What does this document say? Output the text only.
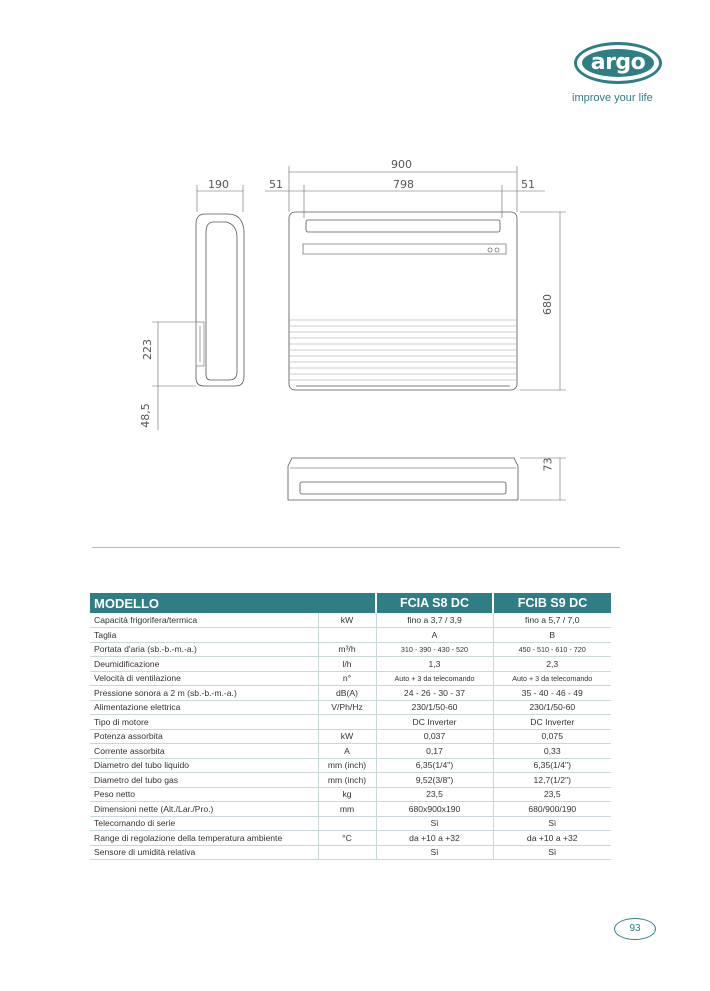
argo
improve your life
900
190	51	798	51
680
223
48,5
73
MODELLO		FCIA S8 DC	FCIB S9 DC
Capacità frigorifera/termica	kW	fino a 3,7 / 3,9	fino a 5,7 / 7,0
Taglia		A	B
Portata d'aria (sb.-b.-m.-a.)	m³/h	310 - 390 - 430 - 520	450 - 510 - 610 - 720
Deumidificazione	l/h	1,3	2,3
Velocità di ventilazione	n°	Auto + 3 da telecomando	Auto + 3 da telecomando
Pressione sonora a 2 m (sb.-b.-m.-a.)	dB(A)	24 - 26 - 30 - 37	35 - 40 - 46 - 49
Alimentazione elettrica	V/Ph/Hz	230/1/50-60	230/1/50-60
Tipo di motore		DC Inverter	DC Inverter
Potenza assorbita	kW	0,037	0,075
Corrente assorbita	A	0,17	0,33
Diametro del tubo liquido	mm (inch)	6,35(1/4")	6,35(1/4")
Diametro del tubo gas	mm (inch)	9,52(3/8")	12,7(1/2")
Peso netto	kg	23,5	23,5
Dimensioni nette (Alt./Lar./Pro.)	mm	680x900x190	680/900/190
Telecomando di serie		Sì	Sì
Range di regolazione della temperatura ambiente	°C	da +10 a +32	da +10 a +32
Sensore di umidità relativa		Sì	Sì
93
